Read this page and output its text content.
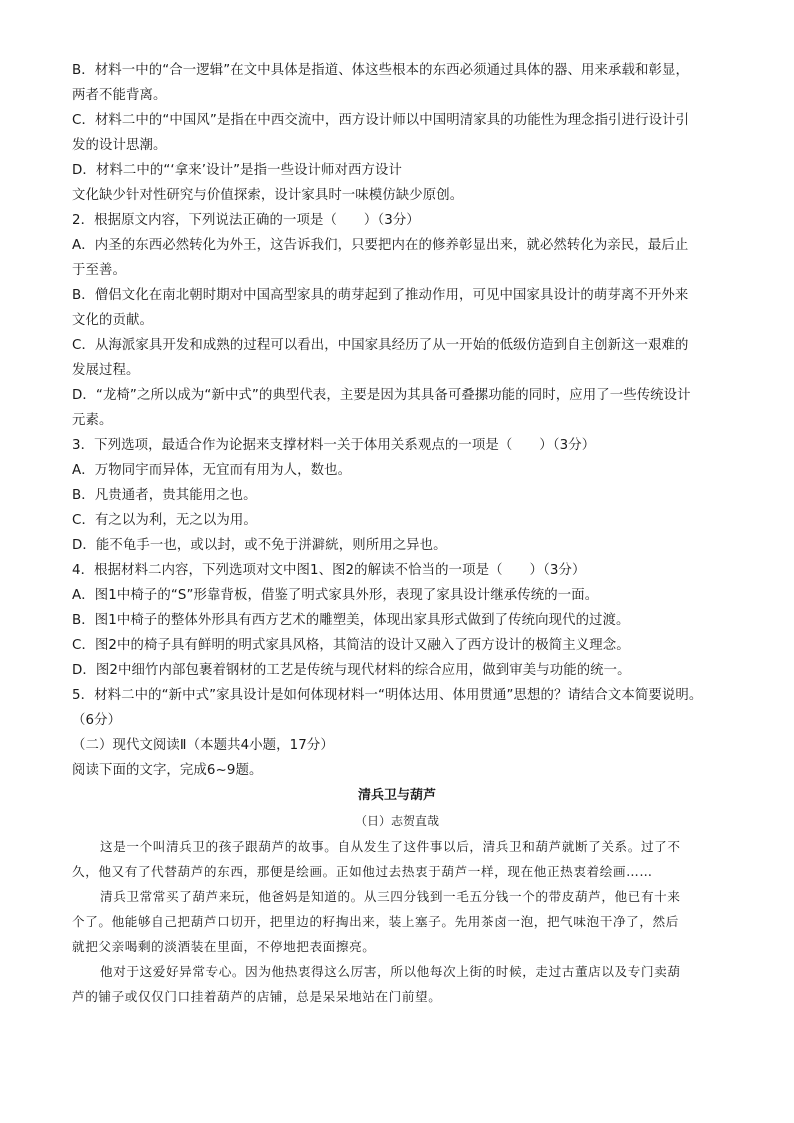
B．材料一中的“合一逻辑”在文中具体是指道、体这些根本的东西必须通过具体的器、用来承载和彰显，
两者不能背离。
C．材料二中的“中国风”是指在中西交流中，西方设计师以中国明清家具的功能性为理念指引进行设计引
发的设计思潮。
D．材料二中的“‘拿来’设计”是指一些设计师对西方设计
文化缺少针对性研究与价值探索，设计家具时一味模仿缺少原创。
2．根据原文内容，下列说法正确的一项是（　　）（3分）
A．内圣的东西必然转化为外王，这告诉我们，只要把内在的修养彰显出来，就必然转化为亲民，最后止
于至善。
B．僧侣文化在南北朝时期对中国高型家具的萌芽起到了推动作用，可见中国家具设计的萌芽离不开外来
文化的贡献。
C．从海派家具开发和成熟的过程可以看出，中国家具经历了从一开始的低级仿造到自主创新这一艰难的
发展过程。
D．“龙椅”之所以成为“新中式”的典型代表，主要是因为其具备可叠摞功能的同时，应用了一些传统设计
元素。
3．下列选项，最适合作为论据来支撑材料一关于体用关系观点的一项是（　　）（3分）
A．万物同宇而异体，无宜而有用为人，数也。
B．凡贵通者，贵其能用之也。
C．有之以为利，无之以为用。
D．能不龟手一也，或以封，或不免于洴澼絖，则所用之异也。
4．根据材料二内容，下列选项对文中图1、图2的解读不恰当的一项是（　　）（3分）
A．图1中椅子的“S”形靠背板，借鉴了明式家具外形，表现了家具设计继承传统的一面。
B．图1中椅子的整体外形具有西方艺术的雕塑美，体现出家具形式做到了传统向现代的过渡。
C．图2中的椅子具有鲜明的明式家具风格，其简洁的设计又融入了西方设计的极简主义理念。
D．图2中细竹内部包裹着钢材的工艺是传统与现代材料的综合应用，做到审美与功能的统一。
5．材料二中的“新中式”家具设计是如何体现材料一“明体达用、体用贯通”思想的？请结合文本简要说明。
（6分）
（二）现代文阅读Ⅱ（本题共4小题，17分）
阅读下面的文字，完成6~9题。
清兵卫与葫芦
（日）志贺直哉
这是一个叫清兵卫的孩子跟葫芦的故事。自从发生了这件事以后，清兵卫和葫芦就断了关系。过了不
久，他又有了代替葫芦的东西，那便是绘画。正如他过去热衷于葫芦一样，现在他正热衷着绘画……
清兵卫常常买了葫芦来玩，他爸妈是知道的。从三四分钱到一毛五分钱一个的带皮葫芦，他已有十来
个了。他能够自己把葫芦口切开，把里边的籽掏出来，装上塞子。先用茶卤一泡，把气味泡干净了，然后
就把父亲喝剩的淡酒装在里面，不停地把表面擦亮。
他对于这爱好异常专心。因为他热衷得这么厉害，所以他每次上街的时候，走过古董店以及专门卖葫
芦的铺子或仅仅门口挂着葫芦的店铺，总是呆呆地站在门前望。
